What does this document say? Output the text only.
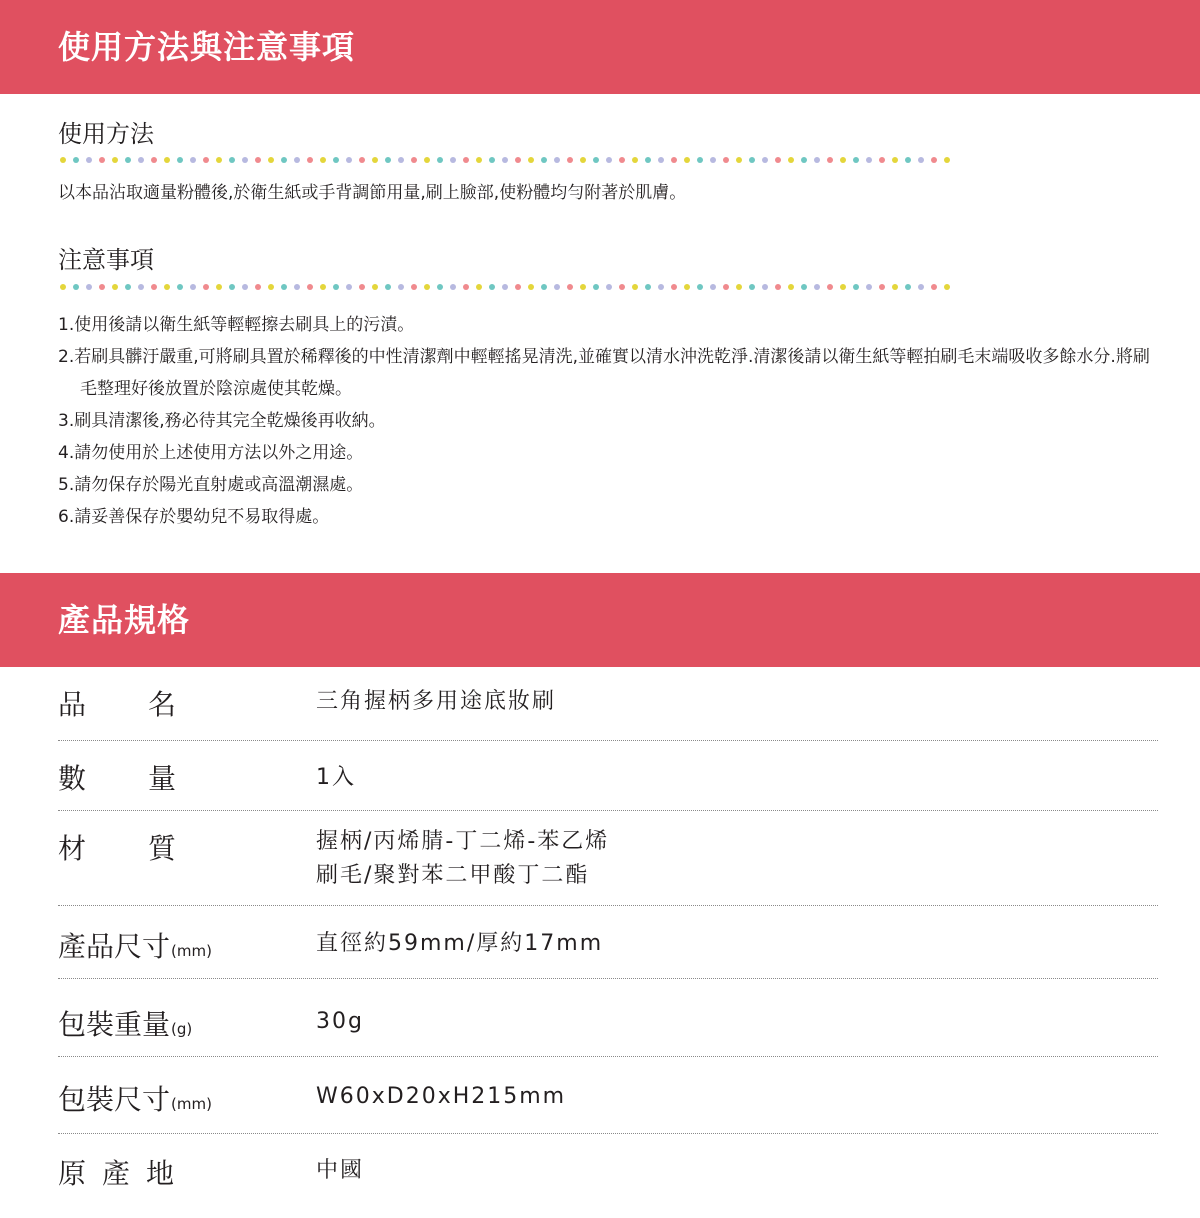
使用方法與注意事項
使用方法
以本品沾取適量粉體後,於衛生紙或手背調節用量,刷上臉部,使粉體均勻附著於肌膚。
注意事項
1.使用後請以衛生紙等輕輕擦去刷具上的污漬。
2.若刷具髒汙嚴重,可將刷具置於稀釋後的中性清潔劑中輕輕搖晃清洗,並確實以清水沖洗乾淨.清潔後請以衛生紙等輕拍刷毛末端吸收多餘水分.將刷毛整理好後放置於陰涼處使其乾燥。
3.刷具清潔後,務必待其完全乾燥後再收納。
4.請勿使用於上述使用方法以外之用途。
5.請勿保存於陽光直射處或高溫潮濕處。
6.請妥善保存於嬰幼兒不易取得處。
產品規格
品名	三角握柄多用途底妝刷
數量	1入
材質	握柄/丙烯腈-丁二烯-苯乙烯
刷毛/聚對苯二甲酸丁二酯
產品尺寸(mm)	直徑約59mm/厚約17mm
包裝重量(g)	30g
包裝尺寸(mm)	W60xD20xH215mm
原產地	中國
